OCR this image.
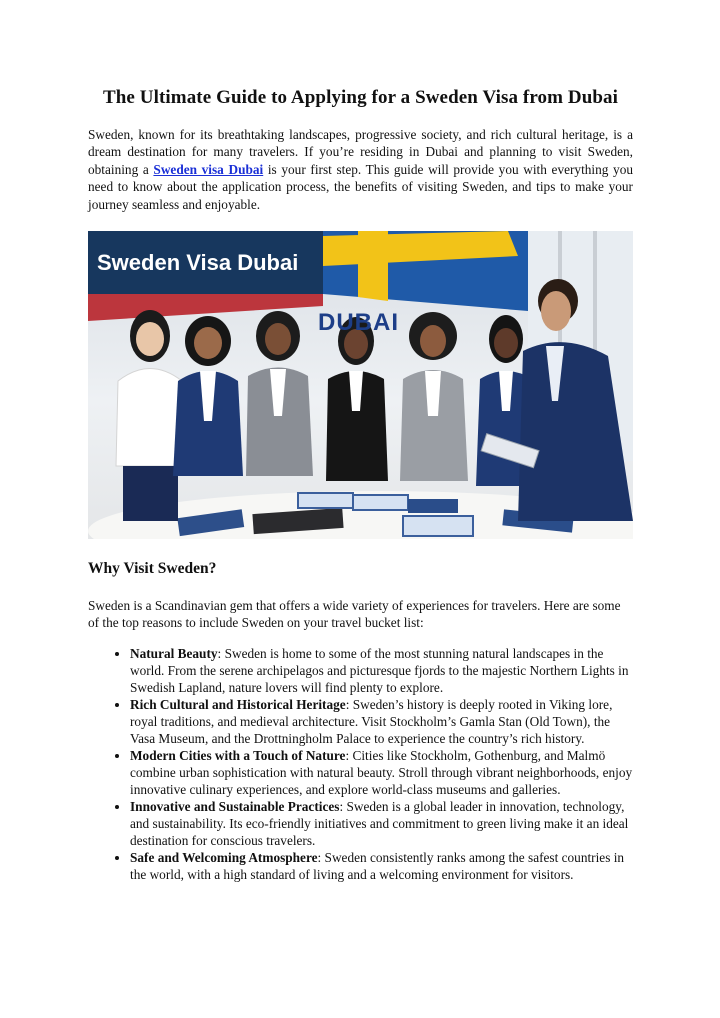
The Ultimate Guide to Applying for a Sweden Visa from Dubai

Sweden, known for its breathtaking landscapes, progressive society, and rich cultural heritage, is a dream destination for many travelers. If you’re residing in Dubai and planning to visit Sweden, obtaining a Sweden visa Dubai is your first step. This guide will provide you with everything you need to know about the application process, the benefits of visiting Sweden, and tips to make your journey seamless and enjoyable.

Sweden Visa Dubai
DUBAI
Why Visit Sweden?

Sweden is a Scandinavian gem that offers a wide variety of experiences for travelers. Here are some of the top reasons to include Sweden on your travel bucket list:

• Natural Beauty: Sweden is home to some of the most stunning natural landscapes in the world. From the serene archipelagos and picturesque fjords to the majestic Northern Lights in Swedish Lapland, nature lovers will find plenty to explore.
• Rich Cultural and Historical Heritage: Sweden’s history is deeply rooted in Viking lore, royal traditions, and medieval architecture. Visit Stockholm’s Gamla Stan (Old Town), the Vasa Museum, and the Drottningholm Palace to experience the country’s rich history.
• Modern Cities with a Touch of Nature: Cities like Stockholm, Gothenburg, and Malmö combine urban sophistication with natural beauty. Stroll through vibrant neighborhoods, enjoy innovative culinary experiences, and explore world-class museums and galleries.
• Innovative and Sustainable Practices: Sweden is a global leader in innovation, technology, and sustainability. Its eco-friendly initiatives and commitment to green living make it an ideal destination for conscious travelers.
• Safe and Welcoming Atmosphere: Sweden consistently ranks among the safest countries in the world, with a high standard of living and a welcoming environment for visitors.
